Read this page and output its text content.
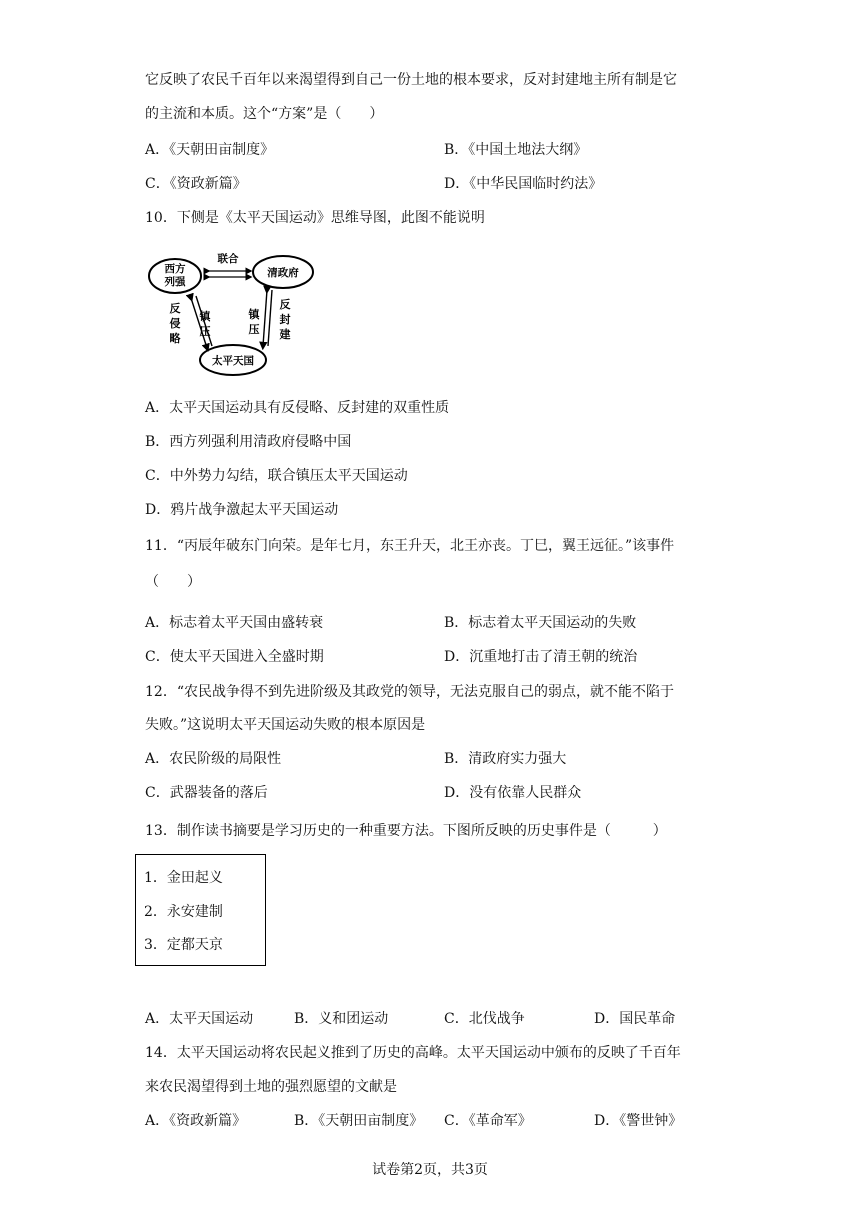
它反映了农民千百年以来渴望得到自己一份土地的根本要求，反对封建地主所有制是它
的主流和本质。这个“方案”是（　　）
A．《天朝田亩制度》	B．《中国土地法大纲》
C．《资政新篇》	D．《中华民国临时约法》
10．下侧是《太平天国运动》思维导图，此图不能说明
西方
列强
清政府
太平天国
联合
反
侵
略
镇
压
镇
压
反
封
建
A．太平天国运动具有反侵略、反封建的双重性质
B．西方列强利用清政府侵略中国
C．中外势力勾结，联合镇压太平天国运动
D．鸦片战争激起太平天国运动
11．“丙辰年破东门向荣。是年七月，东王升天，北王亦丧。丁巳，翼王远征。”该事件
（　　）
A．标志着太平天国由盛转衰	B．标志着太平天国运动的失败
C．使太平天国进入全盛时期	D．沉重地打击了清王朝的统治
12．“农民战争得不到先进阶级及其政党的领导，无法克服自己的弱点，就不能不陷于
失败。”这说明太平天国运动失败的根本原因是
A．农民阶级的局限性	B．清政府实力强大
C．武器装备的落后	D．没有依靠人民群众
13．制作读书摘要是学习历史的一种重要方法。下图所反映的历史事件是（　　　）
1．金田起义
2．永安建制
3．定都天京
A．太平天国运动	B．义和团运动	C．北伐战争	D．国民革命
14．太平天国运动将农民起义推到了历史的高峰。太平天国运动中颁布的反映了千百年
来农民渴望得到土地的强烈愿望的文献是
A．《资政新篇》	B．《天朝田亩制度》 C．《革命军》	D．《警世钟》
试卷第2页，共3页
